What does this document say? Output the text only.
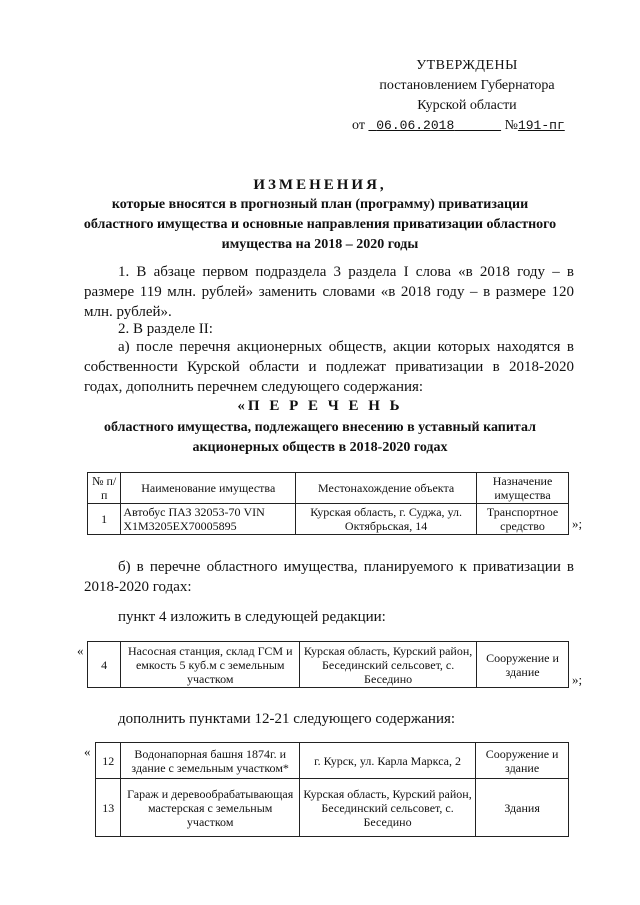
УТВЕРЖДЕНЫ
постановлением Губернатора
Курской области
от 06.06.2018	№191-пг
ИЗМЕНЕНИЯ,
которые вносятся в прогнозный план (программу) приватизации областного имущества и основные направления приватизации областного имущества на 2018 – 2020 годы
1. В абзаце первом подраздела 3 раздела I слова «в 2018 году – в размере 119 млн. рублей» заменить словами «в 2018 году – в размере 120 млн. рублей».
2. В разделе II:
а) после перечня акционерных обществ, акции которых находятся в собственности Курской области и подлежат приватизации в 2018-2020 годах, дополнить перечнем следующего содержания:
«П Е Р Е Ч Е Н Ь
областного имущества, подлежащего внесению в уставный капитал акционерных обществ в 2018-2020 годах
№ п/п	Наименование имущества	Местонахождение объекта	Назначение имущества
1	Автобус ПАЗ 32053-70 VIN X1M3205EX70005895	Курская область, г. Суджа, ул. Октябрьская, 14	Транспортное средство »;
б) в перечне областного имущества, планируемого к приватизации в 2018-2020 годах:
пункт 4 изложить в следующей редакции:
«
4	Насосная станция, склад ГСМ и емкость 5 куб.м с земельным участком	Курская область, Курский район, Бесединский сельсовет, с. Беседино	Сооружение и здание
»;
дополнить пунктами 12-21 следующего содержания:
«
12	Водонапорная башня 1874г. и здание с земельным участком*	г. Курск, ул. Карла Маркса, 2	Сооружение и здание
13	Гараж и деревообрабатывающая мастерская с земельным участком	Курская область, Курский район, Бесединский сельсовет, с. Беседино	Здания
